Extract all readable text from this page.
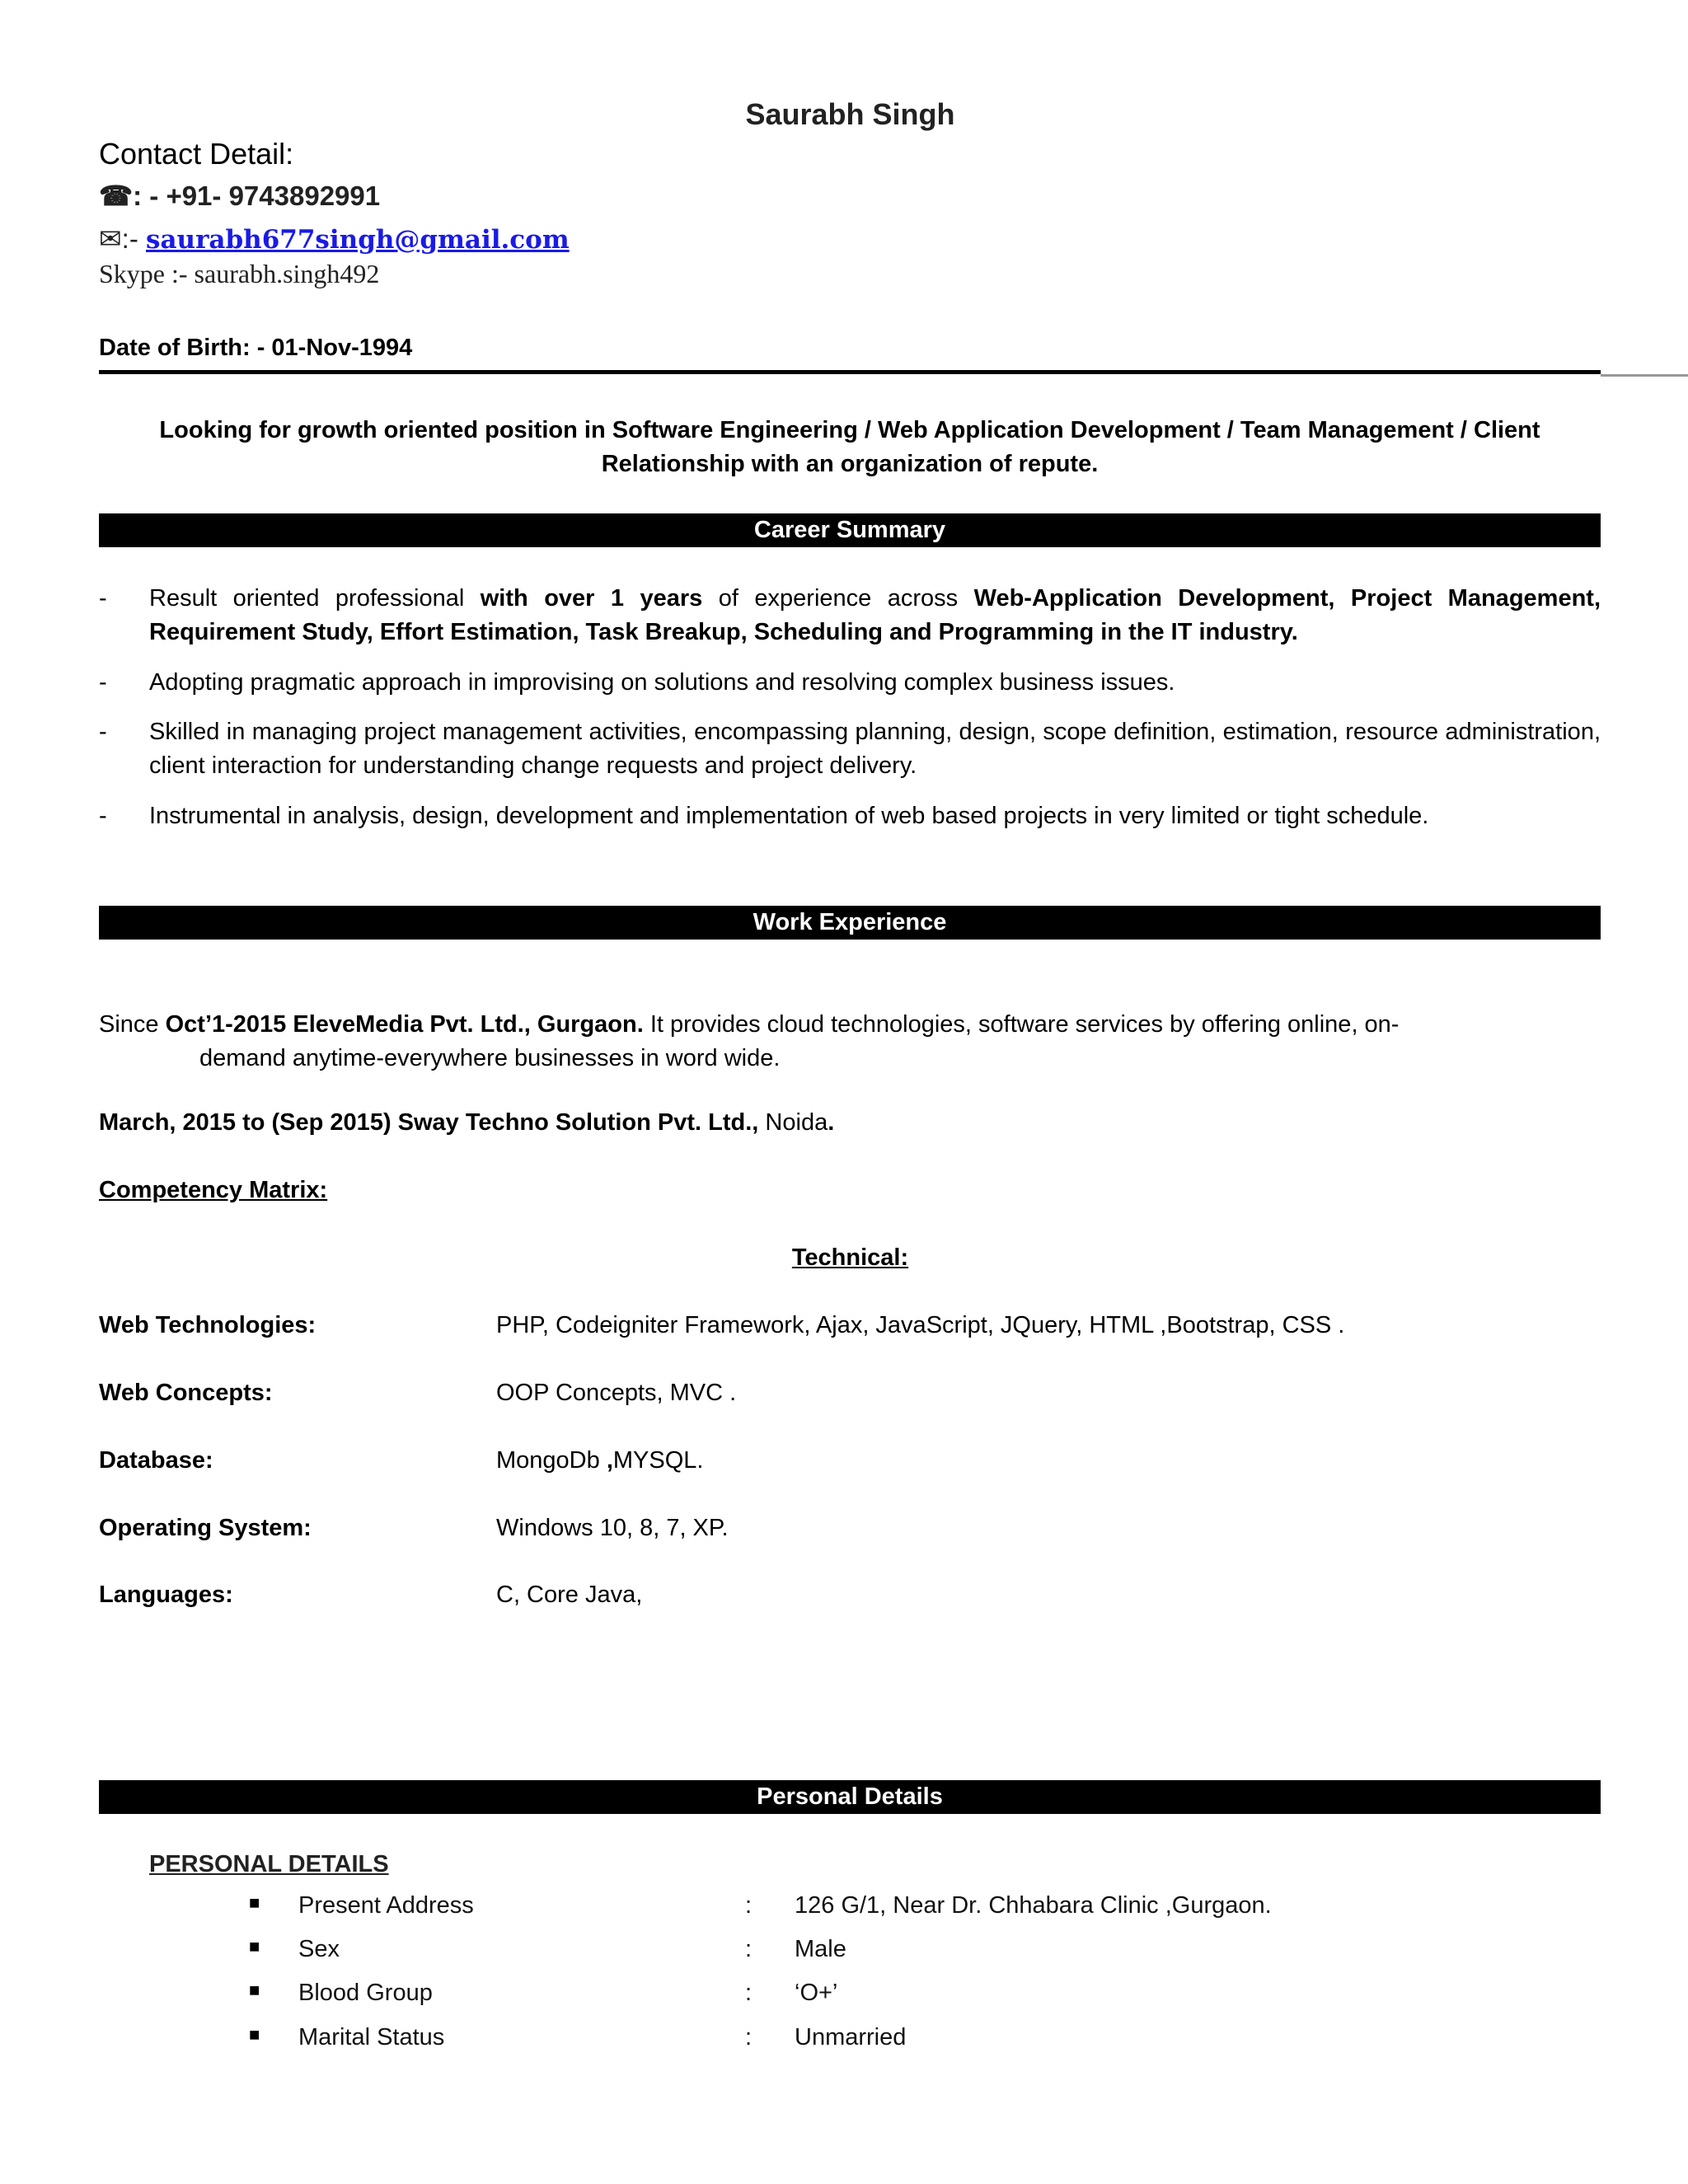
Saurabh Singh
Contact Detail:
☎: - +91- 9743892991
✉:- saurabh677singh@gmail.com
Skype :- saurabh.singh492
Date of Birth: - 01-Nov-1994
Looking for growth oriented position in Software Engineering / Web Application Development / Team Management / Client Relationship with an organization of repute.
Career Summary
- Result oriented professional with over 1 years of experience across Web-Application Development, Project Management, Requirement Study, Effort Estimation, Task Breakup, Scheduling and Programming in the IT industry.
- Adopting pragmatic approach in improvising on solutions and resolving complex business issues.
- Skilled in managing project management activities, encompassing planning, design, scope definition, estimation, resource administration, client interaction for understanding change requests and project delivery.
- Instrumental in analysis, design, development and implementation of web based projects in very limited or tight schedule.
Work Experience
Since Oct’1-2015 EleveMedia Pvt. Ltd., Gurgaon. It provides cloud technologies, software services by offering online, on-
demand anytime-everywhere businesses in word wide.
March, 2015 to (Sep 2015) Sway Techno Solution Pvt. Ltd., Noida.
Competency Matrix:
Technical:
Web Technologies:	PHP, Codeigniter Framework, Ajax, JavaScript, JQuery, HTML ,Bootstrap, CSS .
Web Concepts:	OOP Concepts, MVC .
Database:	MongoDb ,MYSQL.
Operating System:	Windows 10, 8, 7, XP.
Languages:	C, Core Java,
Personal Details
PERSONAL DETAILS
■ Present Address	: 126 G/1, Near Dr. Chhabara Clinic ,Gurgaon.
■ Sex	: Male
■ Blood Group	: ‘O+’
■ Marital Status	: Unmarried
